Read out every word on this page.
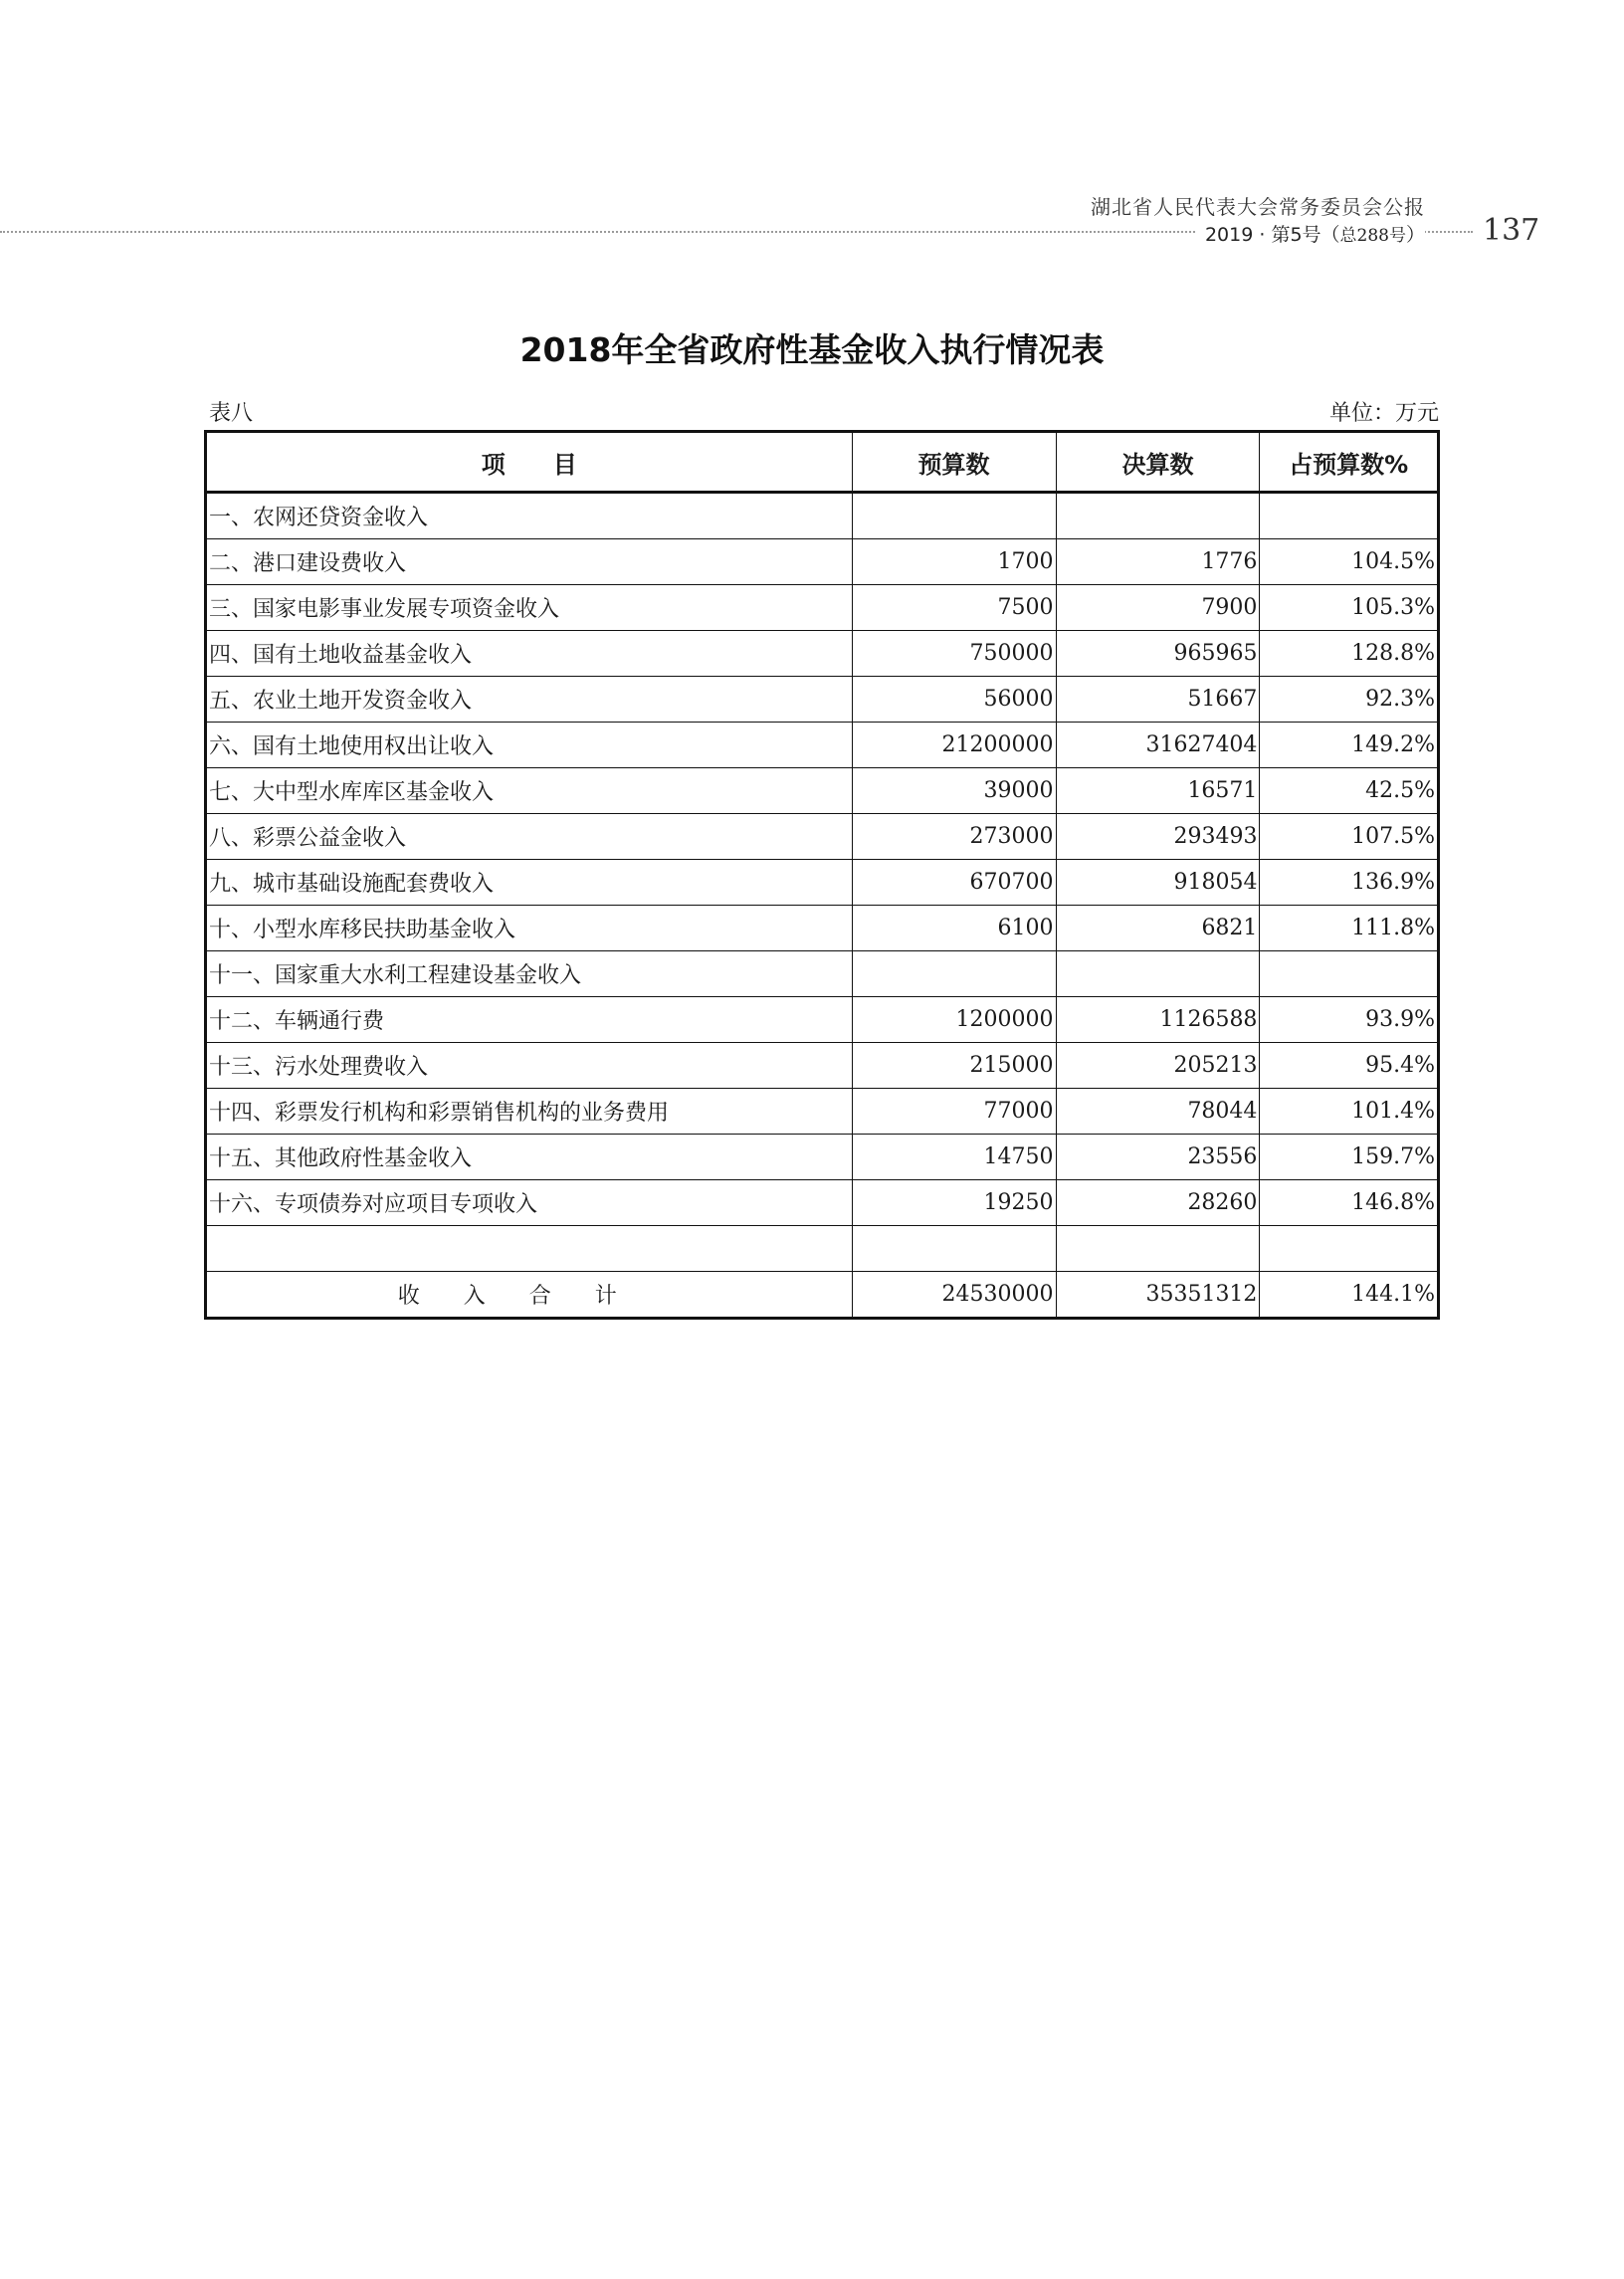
湖北省人民代表大会常务委员会公报
2019 · 第5号（总288号） 137
2018年全省政府性基金收入执行情况表
表八	单位：万元
项　　目	预算数	决算数	占预算数%
一、农网还贷资金收入			
二、港口建设费收入	1700	1776	104.5%
三、国家电影事业发展专项资金收入	7500	7900	105.3%
四、国有土地收益基金收入	750000	965965	128.8%
五、农业土地开发资金收入	56000	51667	92.3%
六、国有土地使用权出让收入	21200000	31627404	149.2%
七、大中型水库库区基金收入	39000	16571	42.5%
八、彩票公益金收入	273000	293493	107.5%
九、城市基础设施配套费收入	670700	918054	136.9%
十、小型水库移民扶助基金收入	6100	6821	111.8%
十一、国家重大水利工程建设基金收入			
十二、车辆通行费	1200000	1126588	93.9%
十三、污水处理费收入	215000	205213	95.4%
十四、彩票发行机构和彩票销售机构的业务费用	77000	78044	101.4%
十五、其他政府性基金收入	14750	23556	159.7%
十六、专项债券对应项目专项收入	19250	28260	146.8%

收入合计	24530000	35351312	144.1%
